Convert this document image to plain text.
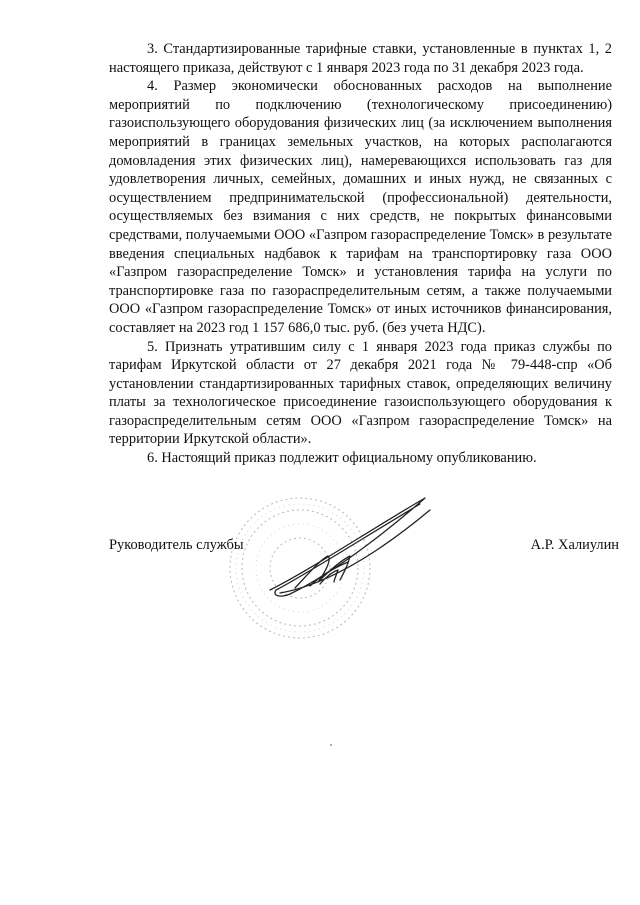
3. Стандартизированные тарифные ставки, установленные в пунктах 1, 2 настоящего приказа, действуют с 1 января 2023 года по 31 декабря 2023 года.

4. Размер экономически обоснованных расходов на выполнение мероприятий по подключению (технологическому присоединению) газоиспользующего оборудования физических лиц (за исключением выполнения мероприятий в границах земельных участков, на которых располагаются домовладения этих физических лиц), намеревающихся использовать газ для удовлетворения личных, семейных, домашних и иных нужд, не связанных с осуществлением предпринимательской (профессиональной) деятельности, осуществляемых без взимания с них средств, не покрытых финансовыми средствами, получаемыми ООО «Газпром газораспределение Томск» в результате введения специальных надбавок к тарифам на транспортировку газа ООО «Газпром газораспределение Томск» и установления тарифа на услуги по транспортировке газа по газораспределительным сетям, а также получаемыми ООО «Газпром газораспределение Томск» от иных источников финансирования, составляет на 2023 год 1 157 686,0 тыс. руб. (без учета НДС).

5. Признать утратившим силу с 1 января 2023 года приказ службы по тарифам Иркутской области от 27 декабря 2021 года № 79-448-спр «Об установлении стандартизированных тарифных ставок, определяющих величину платы за технологическое присоединение газоиспользующего оборудования к газораспределительным сетям ООО «Газпром газораспределение Томск» на территории Иркутской области».

6. Настоящий приказ подлежит официальному опубликованию.

Руководитель службы	А.Р. Халиулин
